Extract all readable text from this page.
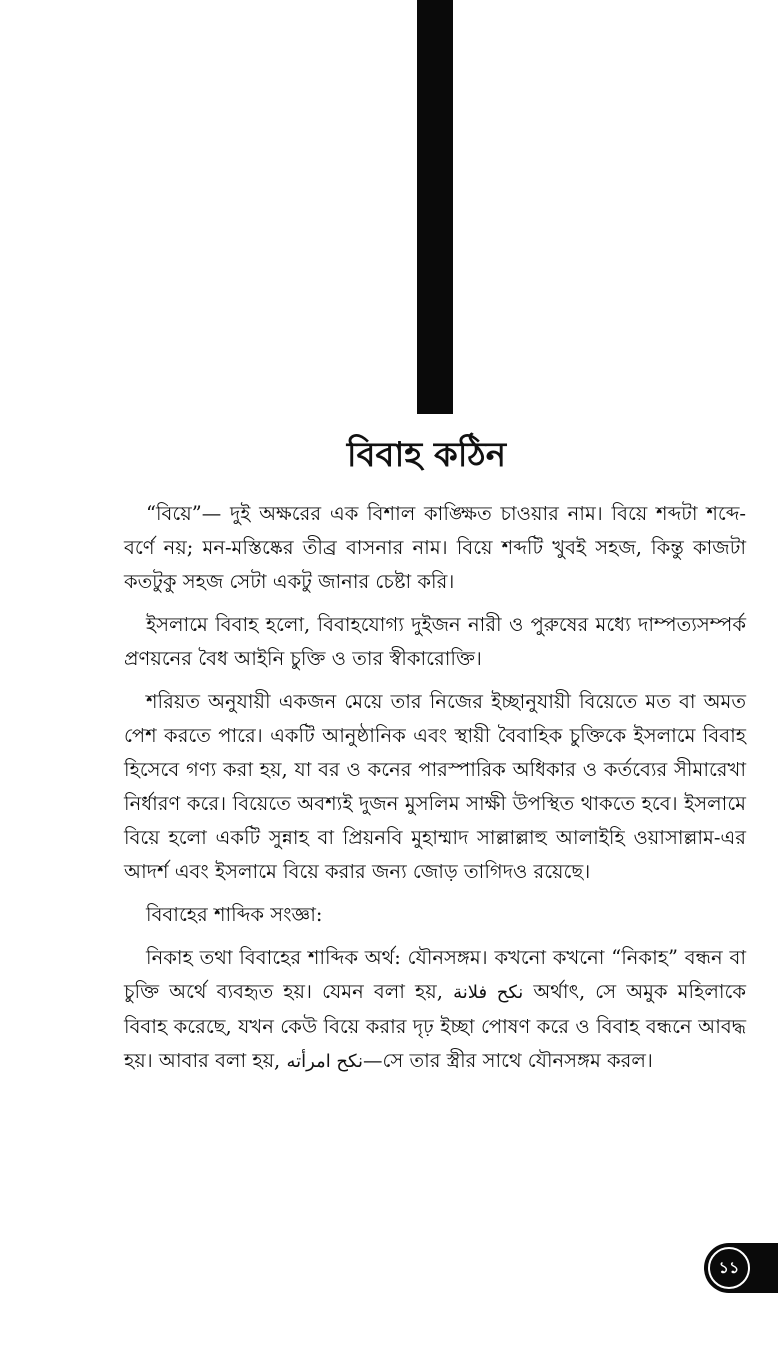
বিবাহ কঠিন

“বিয়ে”— দুই অক্ষরের এক বিশাল কাঙ্ক্ষিত চাওয়ার নাম। বিয়ে শব্দটা শব্দে-বর্ণে নয়; মন-মস্তিষ্কের তীব্র বাসনার নাম। বিয়ে শব্দটি খুবই সহজ, কিন্তু কাজটা কতটুকু সহজ সেটা একটু জানার চেষ্টা করি।

ইসলামে বিবাহ হলো, বিবাহযোগ্য দুইজন নারী ও পুরুষের মধ্যে দাম্পত্যসম্পর্ক প্রণয়নের বৈধ আইনি চুক্তি ও তার স্বীকারোক্তি।

শরিয়ত অনুযায়ী একজন মেয়ে তার নিজের ইচ্ছানুযায়ী বিয়েতে মত বা অমত পেশ করতে পারে। একটি আনুষ্ঠানিক এবং স্থায়ী বৈবাহিক চুক্তিকে ইসলামে বিবাহ হিসেবে গণ্য করা হয়, যা বর ও কনের পারস্পারিক অধিকার ও কর্তব্যের সীমারেখা নির্ধারণ করে। বিয়েতে অবশ্যই দুজন মুসলিম সাক্ষী উপস্থিত থাকতে হবে। ইসলামে বিয়ে হলো একটি সুন্নাহ বা প্রিয়নবি মুহাম্মাদ সাল্লাল্লাহু আলাইহি ওয়াসাল্লাম-এর আদর্শ এবং ইসলামে বিয়ে করার জন্য জোড় তাগিদও রয়েছে।

বিবাহের শাব্দিক সংজ্ঞা:

নিকাহ তথা বিবাহের শাব্দিক অর্থ: যৌনসঙ্গম। কখনো কখনো “নিকাহ” বন্ধন বা চুক্তি অর্থে ব্যবহৃত হয়। যেমন বলা হয়, نكح فلانة অর্থাৎ, সে অমুক মহিলাকে বিবাহ করেছে, যখন কেউ বিয়ে করার দৃঢ় ইচ্ছা পোষণ করে ও বিবাহ বন্ধনে আবদ্ধ হয়। আবার বলা হয়, نكح امرأته—সে তার স্ত্রীর সাথে যৌনসঙ্গম করল।

১১
